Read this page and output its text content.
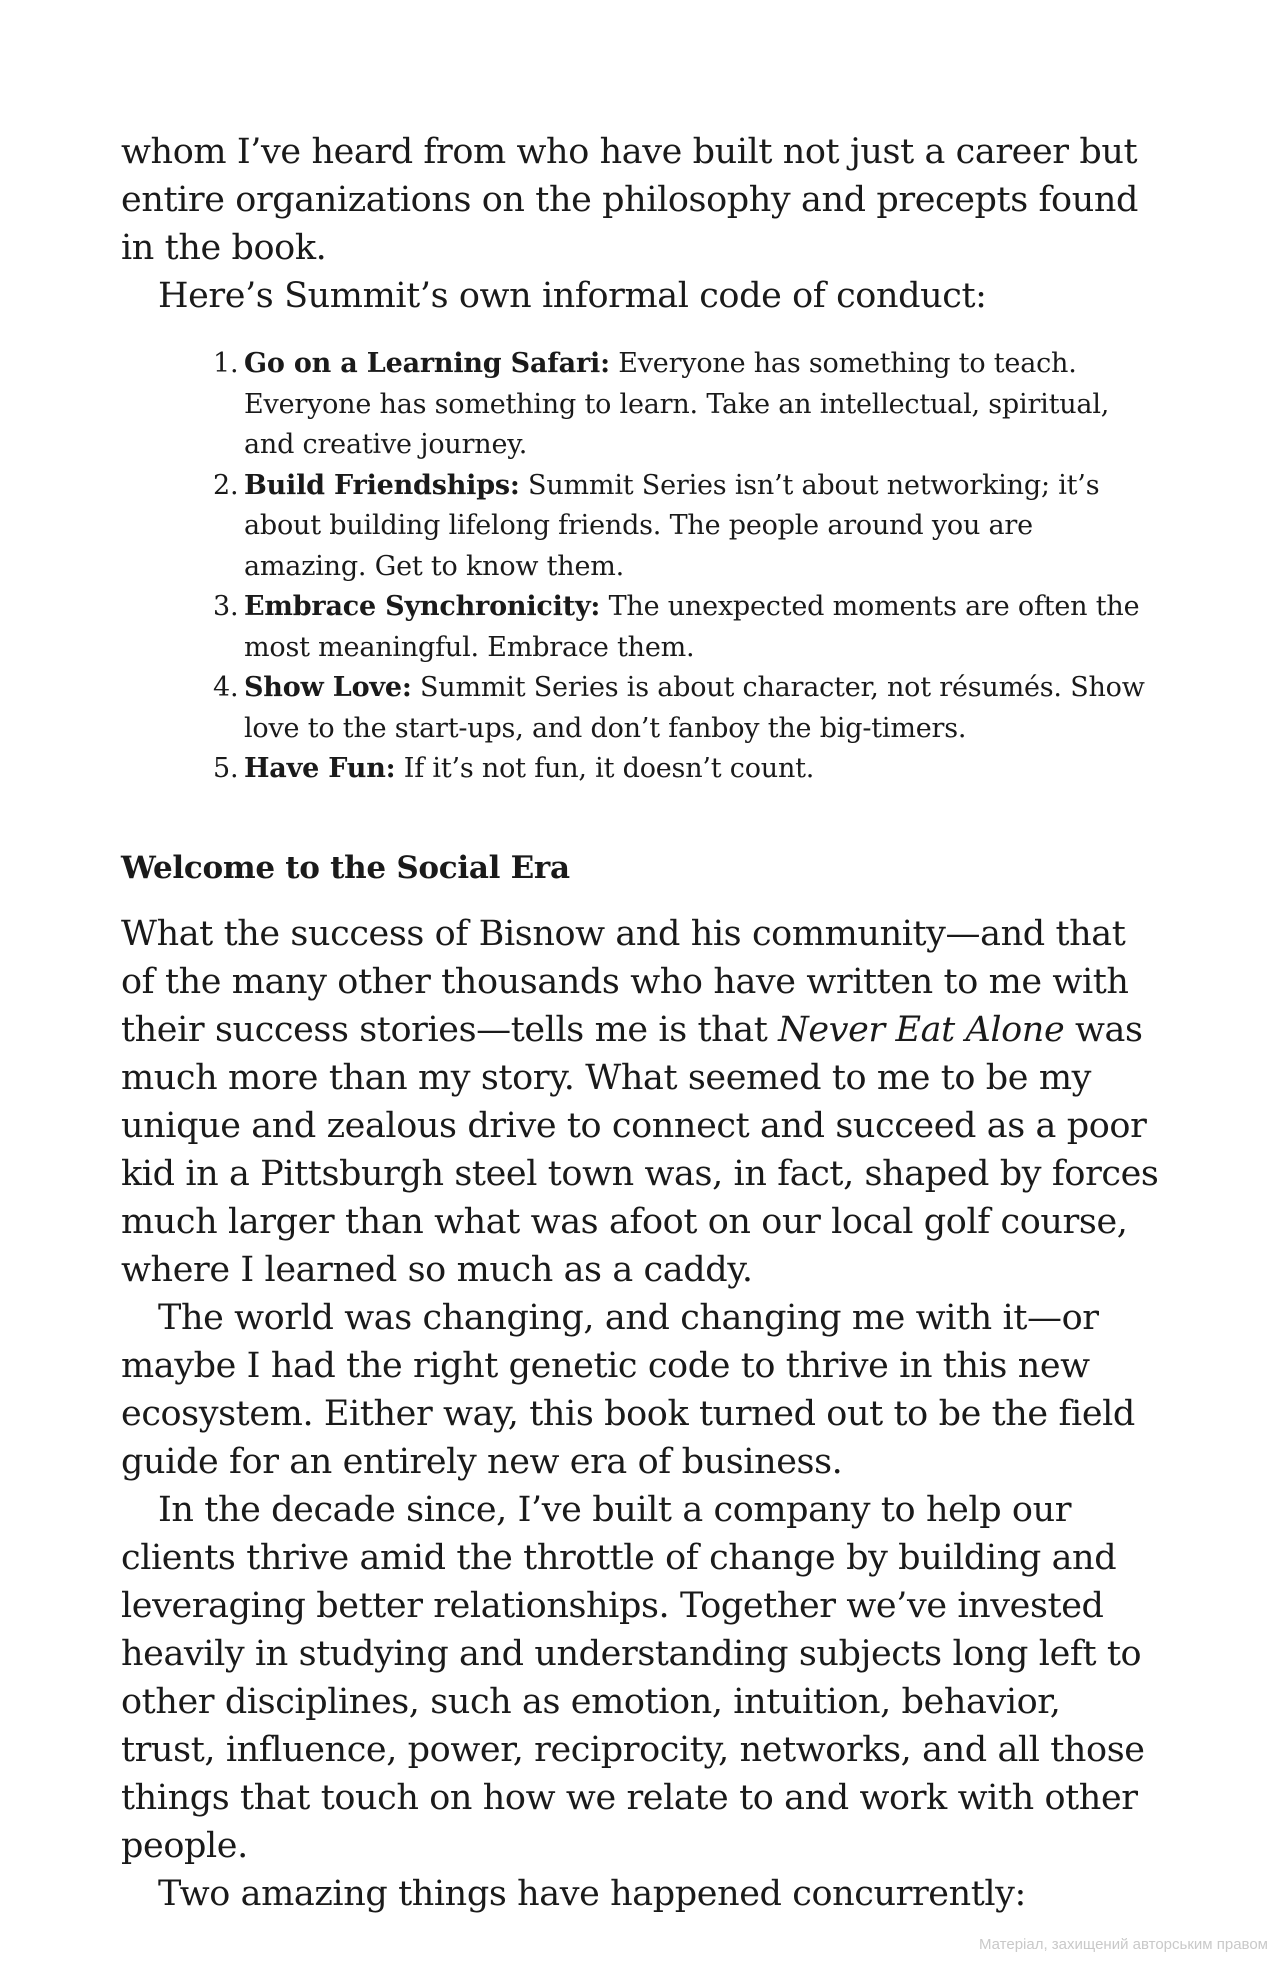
whom I’ve heard from who have built not just a career but entire organizations on the philosophy and precepts found in the book.

Here’s Summit’s own informal code of conduct:

1. Go on a Learning Safari: Everyone has something to teach. Everyone has something to learn. Take an intellectual, spiritual, and creative journey.
2. Build Friendships: Summit Series isn’t about networking; it’s about building lifelong friends. The people around you are amazing. Get to know them.
3. Embrace Synchronicity: The unexpected moments are often the most meaningful. Embrace them.
4. Show Love: Summit Series is about character, not résumés. Show love to the start-ups, and don’t fanboy the big-timers.
5. Have Fun: If it’s not fun, it doesn’t count.
Welcome to the Social Era

What the success of Bisnow and his community—and that of the many other thousands who have written to me with their success stories—tells me is that Never Eat Alone was much more than my story. What seemed to me to be my unique and zealous drive to connect and succeed as a poor kid in a Pittsburgh steel town was, in fact, shaped by forces much larger than what was afoot on our local golf course, where I learned so much as a caddy.

The world was changing, and changing me with it—or maybe I had the right genetic code to thrive in this new ecosystem. Either way, this book turned out to be the field guide for an entirely new era of business.

In the decade since, I’ve built a company to help our clients thrive amid the throttle of change by building and leveraging better relationships. Together we’ve invested heavily in studying and understanding subjects long left to other disciplines, such as emotion, intuition, behavior, trust, influence, power, reciprocity, networks, and all those things that touch on how we relate to and work with other people.

Two amazing things have happened concurrently:

Матеріал, захищений авторським правом
